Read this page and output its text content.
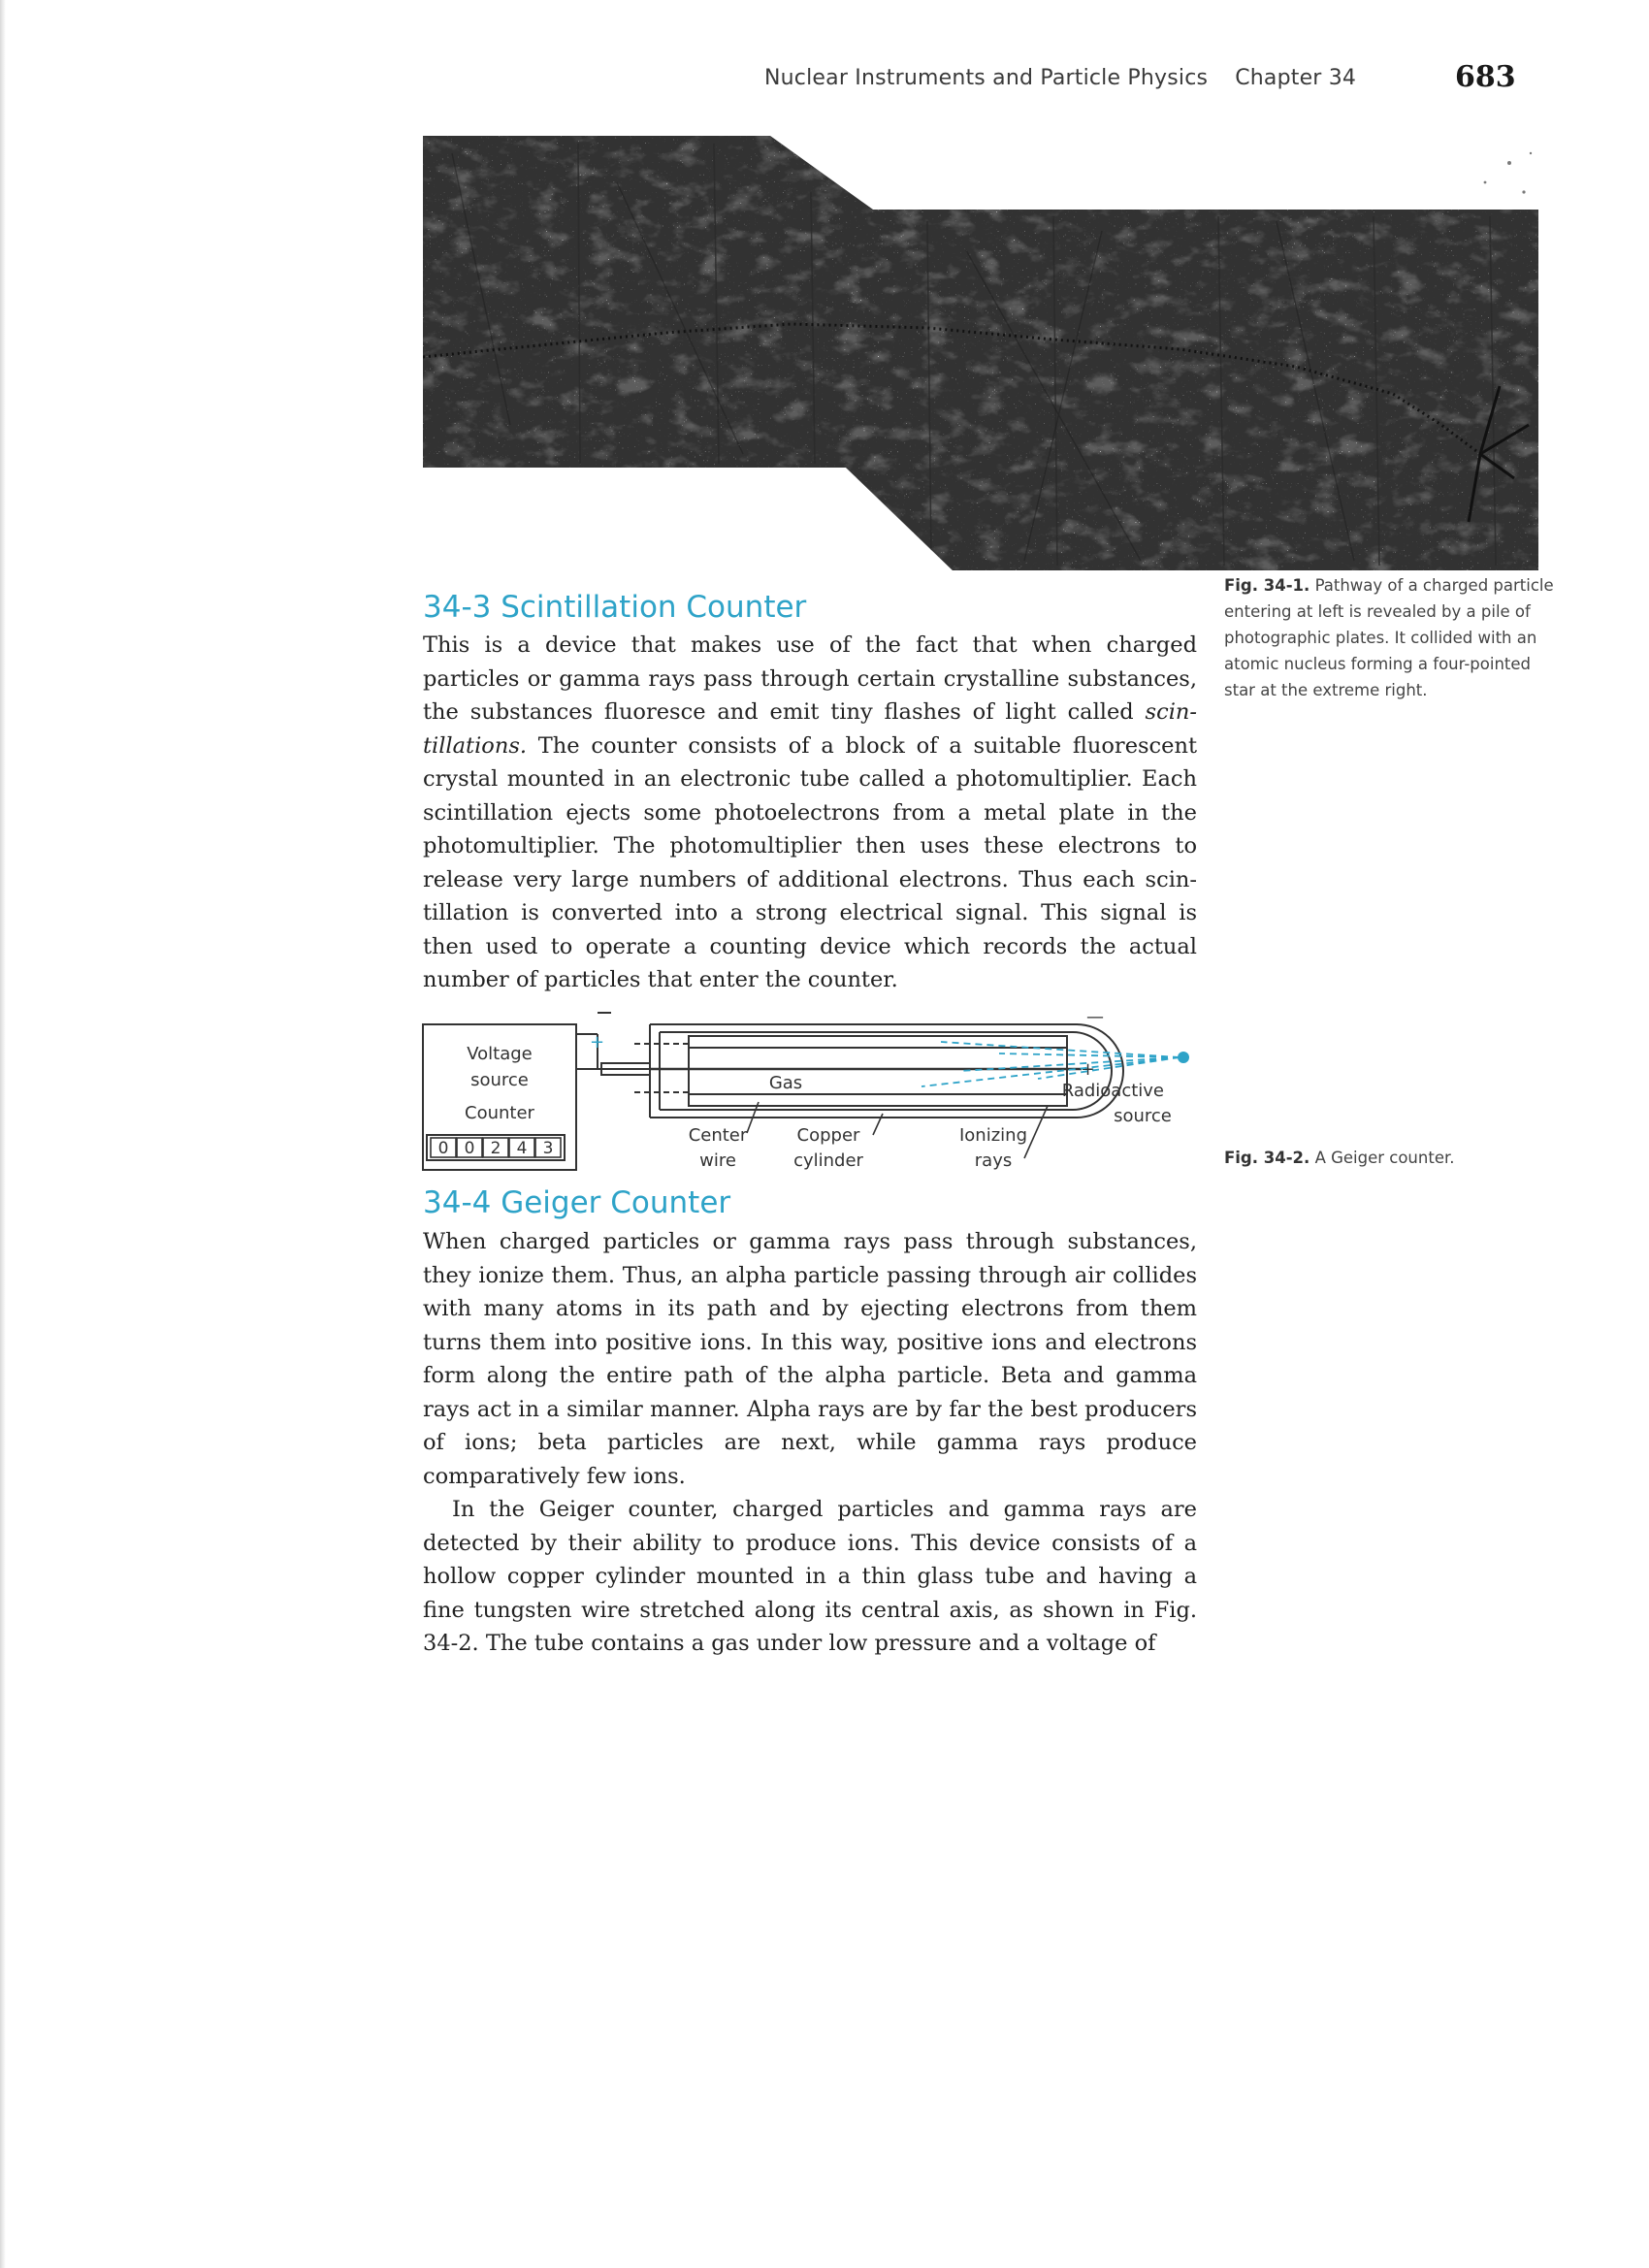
Nuclear Instruments and Particle Physics Chapter 34	683
Fig. 34-1. Pathway of a charged particle entering at left is revealed by a pile of photographic plates. It collided with an atomic nucleus forming a four-pointed star at the extreme right.
34-3 Scintillation Counter

This is a device that makes use of the fact that when charged particles or gamma rays pass through certain crystalline substances, the substances fluoresce and emit tiny flashes of light called scintillations. The counter consists of a block of a suitable fluorescent crystal mounted in an electronic tube called a photomultiplier. Each scintillation ejects some photoelectrons from a metal plate in the photomultiplier. The photomultiplier then uses these electrons to release very large numbers of additional electrons. Thus each scintillation is converted into a strong electrical signal. This signal is then used to operate a counting device which records the actual number of particles that enter the counter.

Voltage
source
Counter
0 0 2 4 3
+
+
—
Gas	Radioactive
source
Center
wire
Copper
cylinder
Ionizing
rays	Fig. 34-2. A Geiger counter.
34-4 Geiger Counter

When charged particles or gamma rays pass through substances, they ionize them. Thus, an alpha particle passing through air collides with many atoms in its path and by ejecting electrons from them turns them into positive ions. In this way, positive ions and electrons form along the entire path of the alpha particle. Beta and gamma rays act in a similar manner. Alpha rays are by far the best producers of ions; beta particles are next, while gamma rays produce comparatively few ions.

In the Geiger counter, charged particles and gamma rays are detected by their ability to produce ions. This device consists of a hollow copper cylinder mounted in a thin glass tube and having a fine tungsten wire stretched along its central axis, as shown in Fig. 34-2. The tube contains a gas under low pressure and a voltage of
